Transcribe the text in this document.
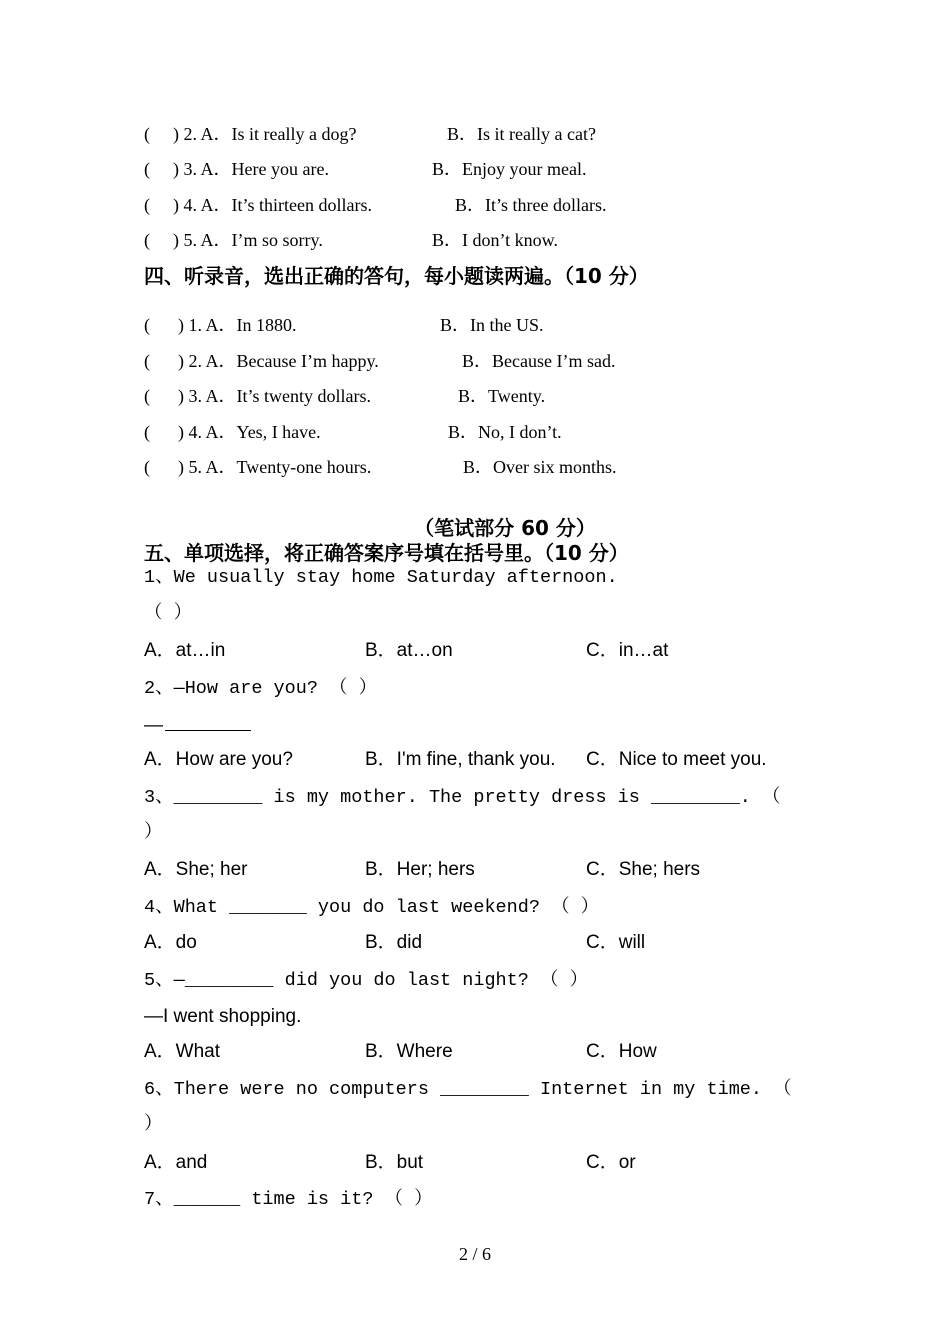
( ) 2. A．Is it really a dog?	B．Is it really a cat?
( ) 3. A．Here you are.	B．Enjoy your meal.
( ) 4. A．It’s thirteen dollars.	B．It’s three dollars.
( ) 5. A．I’m so sorry.	B．I don’t know.
四、听录音，选出正确的答句，每小题读两遍。（10 分）
( ) 1. A．In 1880.	B．In the US.
( ) 2. A．Because I’m happy.	B．Because I’m sad.
( ) 3. A．It’s twenty dollars.	B．Twenty.
( ) 4. A．Yes, I have.	B．No, I don’t.
( ) 5. A．Twenty-one hours.	B．Over six months.
（笔试部分 60 分）
五、单项选择，将正确答案序号填在括号里。（10 分）
1、We usually stay home Saturday afternoon.
（ ）
A．at…in	B．at…on	C．in…at
2、—How are you? （ ）
—
A．How are you?	B．I'm fine, thank you. C．Nice to meet you.
3、________ is my mother. The pretty dress is ________. （
）
A．She; her	B．Her; hers	C．She; hers
4、What _______ you do last weekend? （ ）
A．do	B．did	C．will
5、—________ did you do last night? （ ）
—I went shopping.
A．What	B．Where	C．How
6、There were no computers ________ Internet in my time. （
）
A．and	B．but	C．or
7、______ time is it? （ ）
2 / 6
